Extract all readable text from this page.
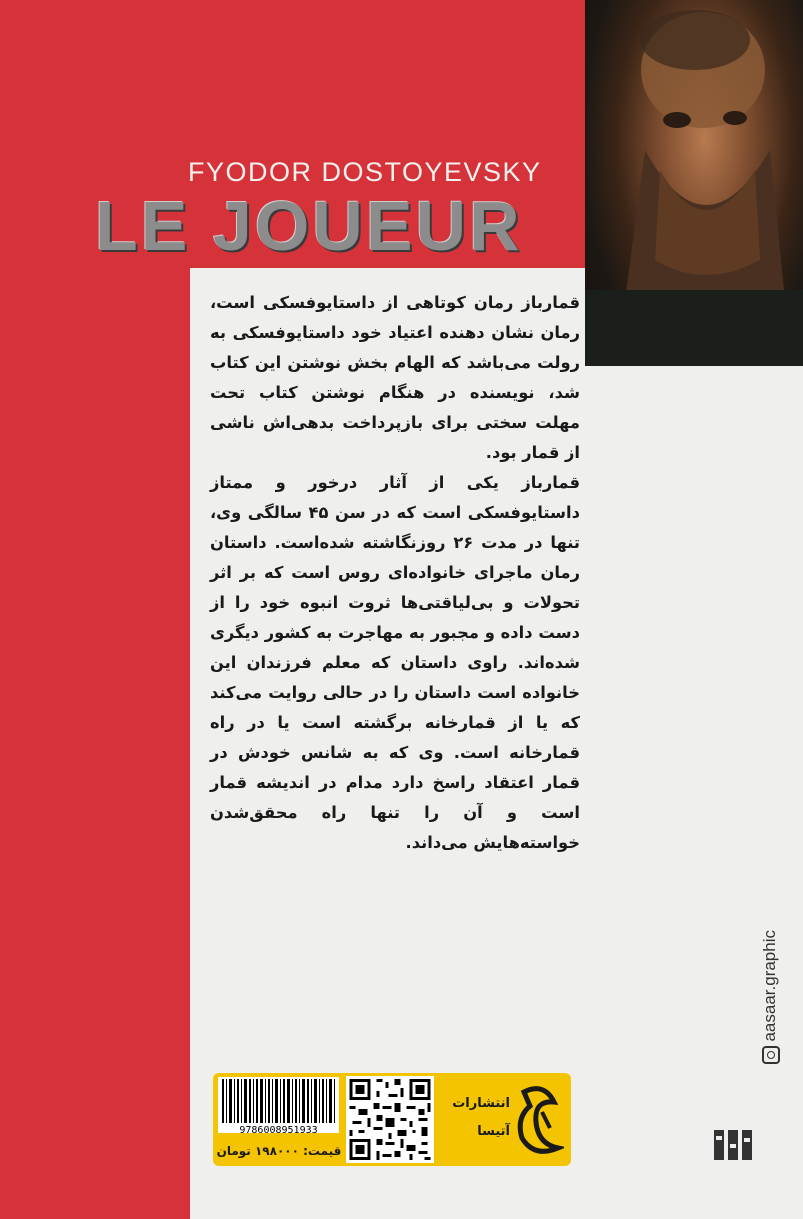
FYODOR DOSTOYEVSKY
LE JOUEUR

قمارباز رمان کوتاهی از داستایوفسکی است، رمان نشان دهنده اعتیاد خود داستایوفسکی به رولت می‌باشد که الهام بخش نوشتن این کتاب شد، نویسنده در هنگام نوشتن کتاب تحت مهلت سختی برای بازپرداخت بدهی‌اش ناشی از قمار بود.

قمارباز یکی از آثار درخور و ممتاز داستایوفسکی است که در سن ۴۵ سالگی وی، تنها در مدت ۲۶ روزنگاشته شده‌است. داستان رمان ماجرای خانواده‌ای روس است که بر اثر تحولات و بی‌لیاقتی‌ها ثروت انبوه خود را از دست داده و مجبور به مهاجرت به کشور دیگری شده‌اند. راوی داستان که معلم فرزندان این خانواده است داستان را در حالی روایت می‌کند که یا از قمارخانه برگشته است یا در راه قمارخانه است. وی که به شانس خودش در قمار اعتقاد راسخ دارد مدام در اندیشه قمار است و آن را تنها راه محقق‌شدن خواسته‌هایش می‌داند.

aasaar.graphic
9786008951933
قیمت: ۱۹۸۰۰۰ تومان
انتشارات
آتیسا
